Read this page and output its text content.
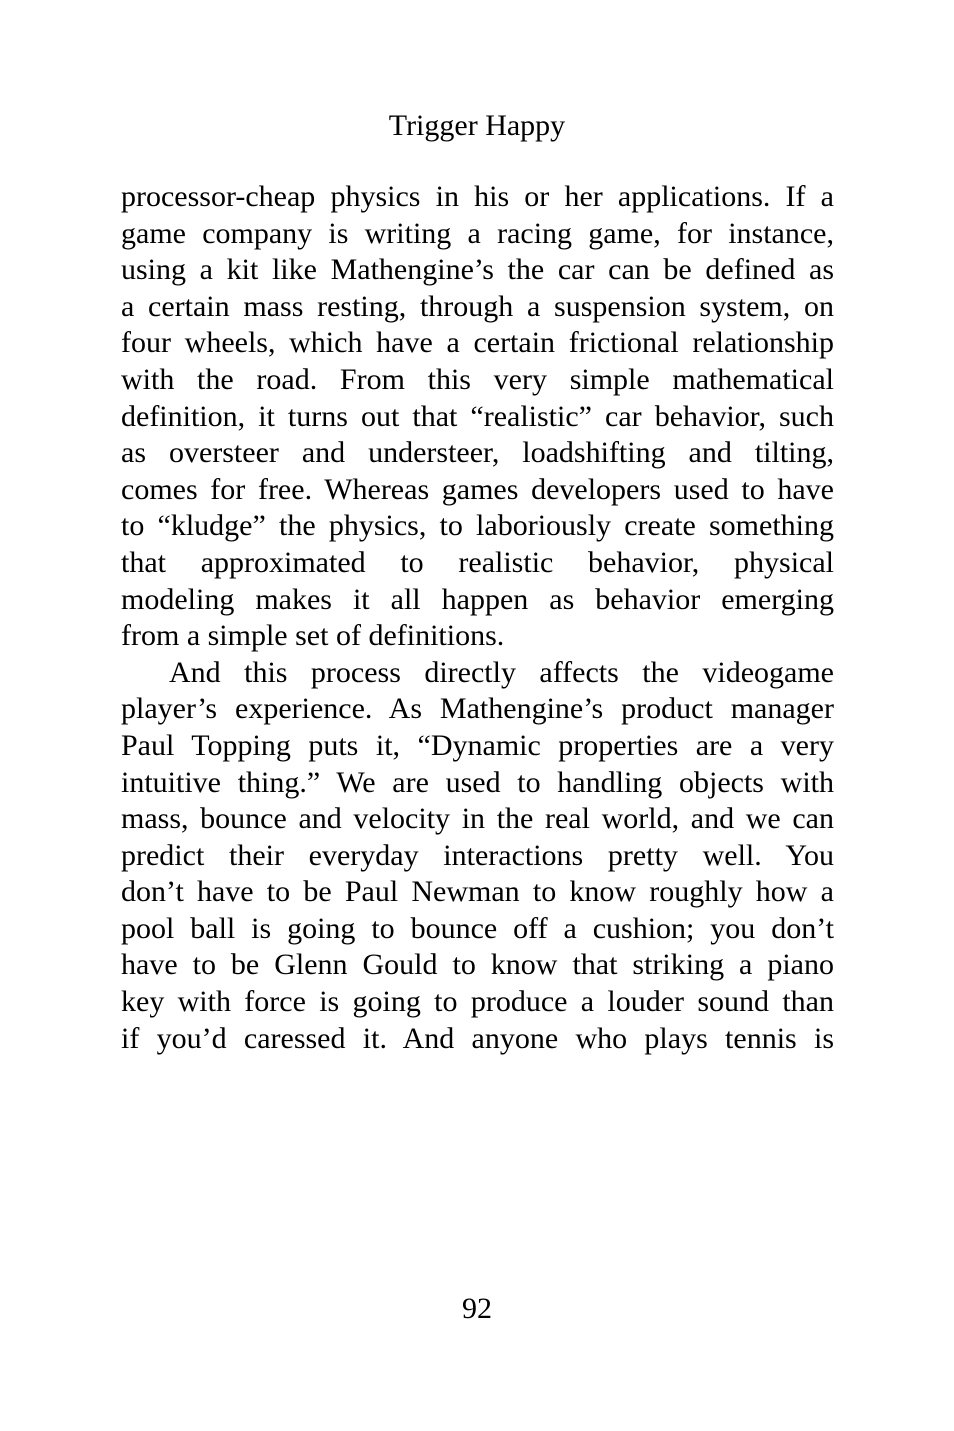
Trigger Happy
processor-cheap physics in his or her applications. If a
game company is writing a racing game, for instance,
using a kit like Mathengine’s the car can be defined as
a certain mass resting, through a suspension system, on
four wheels, which have a certain frictional relationship
with the road. From this very simple mathematical
definition, it turns out that “realistic” car behavior, such
as oversteer and understeer, loadshifting and tilting,
comes for free. Whereas games developers used to have
to “kludge” the physics, to laboriously create something
that approximated to realistic behavior, physical
modeling makes it all happen as behavior emerging
from a simple set of definitions.
And this process directly affects the videogame
player’s experience. As Mathengine’s product manager
Paul Topping puts it, “Dynamic properties are a very
intuitive thing.” We are used to handling objects with
mass, bounce and velocity in the real world, and we can
predict their everyday interactions pretty well. You
don’t have to be Paul Newman to know roughly how a
pool ball is going to bounce off a cushion; you don’t
have to be Glenn Gould to know that striking a piano
key with force is going to produce a louder sound than
if you’d caressed it. And anyone who plays tennis is
92
